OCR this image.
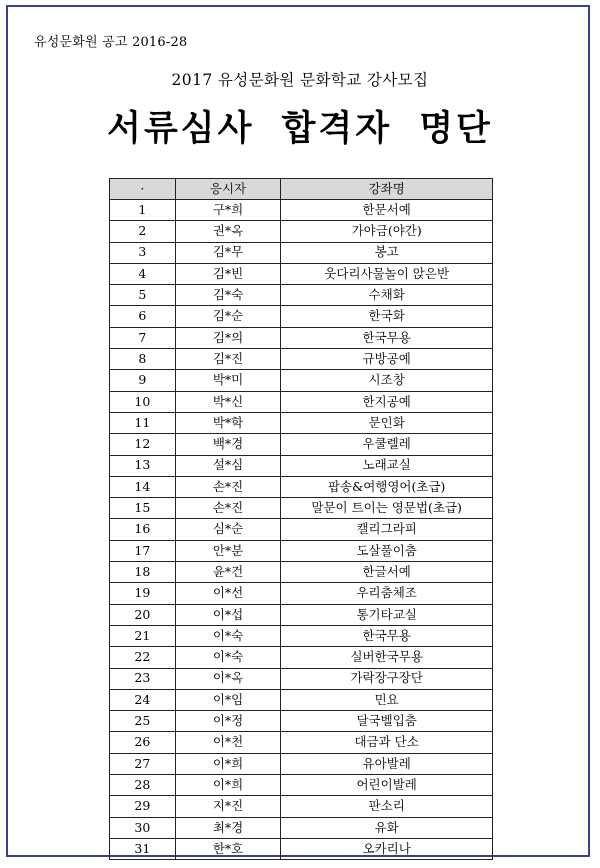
유성문화원 공고 2016-28
2017 유성문화원 문화학교 강사모집
서류심사 합격자 명단
·	응시자	강좌명
1	구*희	한문서예
2	권*옥	가야금(야간)
3	김*무	봉고
4	김*빈	웃다리사물놀이 앉은반
5	김*숙	수채화
6	김*순	한국화
7	김*의	한국무용
8	김*진	규방공예
9	박*미	시조창
10	박*신	한지공예
11	박*학	문인화
12	백*경	우쿨렐레
13	설*심	노래교실
14	손*진	팝송&여행영어(초급)
15	손*진	말문이 트이는 영문법(초급)
16	심*순	캘리그라피
17	안*분	도살풀이춤
18	윤*건	한글서예
19	이*선	우리춤체조
20	이*섭	통기타교실
21	이*숙	한국무용
22	이*숙	실버한국무용
23	이*옥	가락장구장단
24	이*임	민요
25	이*정	달국벨입춤
26	이*천	대금과 단소
27	이*희	유아발레
28	이*희	어린이발레
29	지*진	판소리
30	최*경	유화
31	한*호	오카리나
